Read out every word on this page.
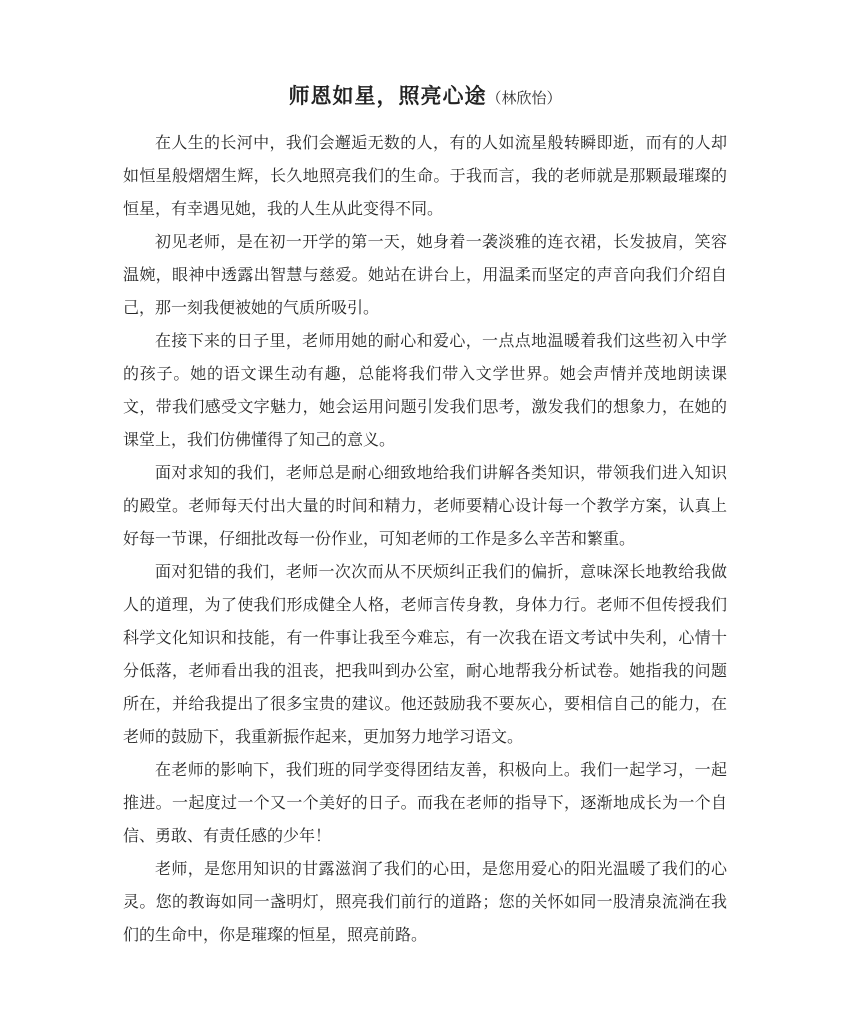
师恩如星，照亮心途（林欣怡）

在人生的长河中，我们会邂逅无数的人，有的人如流星般转瞬即逝，而有的人却如恒星般熠熠生辉，长久地照亮我们的生命。于我而言，我的老师就是那颗最璀璨的恒星，有幸遇见她，我的人生从此变得不同。

初见老师，是在初一开学的第一天，她身着一袭淡雅的连衣裙，长发披肩，笑容温婉，眼神中透露出智慧与慈爱。她站在讲台上，用温柔而坚定的声音向我们介绍自己，那一刻我便被她的气质所吸引。

在接下来的日子里，老师用她的耐心和爱心，一点点地温暖着我们这些初入中学的孩子。她的语文课生动有趣，总能将我们带入文学世界。她会声情并茂地朗读课文，带我们感受文字魅力，她会运用问题引发我们思考，激发我们的想象力，在她的课堂上，我们仿佛懂得了知己的意义。

面对求知的我们，老师总是耐心细致地给我们讲解各类知识，带领我们进入知识的殿堂。老师每天付出大量的时间和精力，老师要精心设计每一个教学方案，认真上好每一节课，仔细批改每一份作业，可知老师的工作是多么辛苦和繁重。

面对犯错的我们，老师一次次而从不厌烦纠正我们的偏折，意味深长地教给我做人的道理，为了使我们形成健全人格，老师言传身教，身体力行。老师不但传授我们科学文化知识和技能，有一件事让我至今难忘，有一次我在语文考试中失利，心情十分低落，老师看出我的沮丧，把我叫到办公室，耐心地帮我分析试卷。她指我的问题所在，并给我提出了很多宝贵的建议。他还鼓励我不要灰心，要相信自己的能力，在老师的鼓励下，我重新振作起来，更加努力地学习语文。

在老师的影响下，我们班的同学变得团结友善，积极向上。我们一起学习，一起推进。一起度过一个又一个美好的日子。而我在老师的指导下，逐渐地成长为一个自信、勇敢、有责任感的少年！

老师，是您用知识的甘露滋润了我们的心田，是您用爱心的阳光温暖了我们的心灵。您的教诲如同一盏明灯，照亮我们前行的道路；您的关怀如同一股清泉流淌在我们的生命中，你是璀璨的恒星，照亮前路。
